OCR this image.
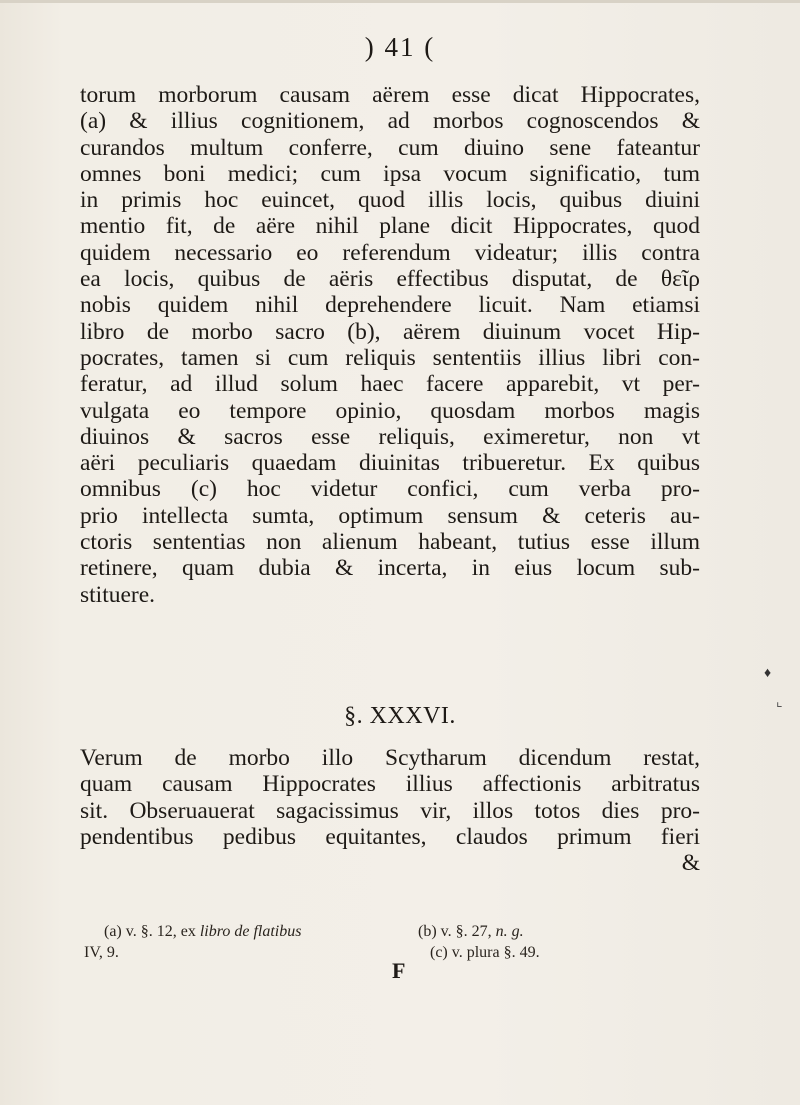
) 41 (
torum morborum causam aërem esse dicat Hippocrates,
(a) & illius cognitionem, ad morbos cognoscendos &
curandos multum conferre, cum diuino sene fateantur
omnes boni medici; cum ipsa vocum significatio, tum
in primis hoc euincet, quod illis locis, quibus diuini
mentio fit, de aëre nihil plane dicit Hippocrates, quod
quidem necessario eo referendum videatur; illis contra
ea locis, quibus de aëris effectibus disputat, de θεῖρ
nobis quidem nihil deprehendere licuit. Nam etiamsi
libro de morbo sacro (b), aërem diuinum vocet Hip-
pocrates, tamen si cum reliquis sententiis illius libri con-
feratur, ad illud solum haec facere apparebit, vt per-
vulgata eo tempore opinio, quosdam morbos magis
diuinos & sacros esse reliquis, eximeretur, non vt
aëri peculiaris quaedam diuinitas tribueretur. Ex quibus
omnibus (c) hoc videtur confici, cum verba pro-
prio intellecta sumta, optimum sensum & ceteris au-
ctoris sententias non alienum habeant, tutius esse illum
retinere, quam dubia & incerta, in eius locum sub-
stituere.
§. XXXVI.
Verum de morbo illo Scytharum dicendum restat,
quam causam Hippocrates illius affectionis arbitratus
sit. Obseruauerat sagacissimus vir, illos totos dies pro-
pendentibus pedibus equitantes, claudos primum fieri
&
(a) v. §. 12, ex libro de flatibus
IV, 9.
(b) v. §. 27, n. g.
(c) v. plura §. 49.
F
♦
⌞
